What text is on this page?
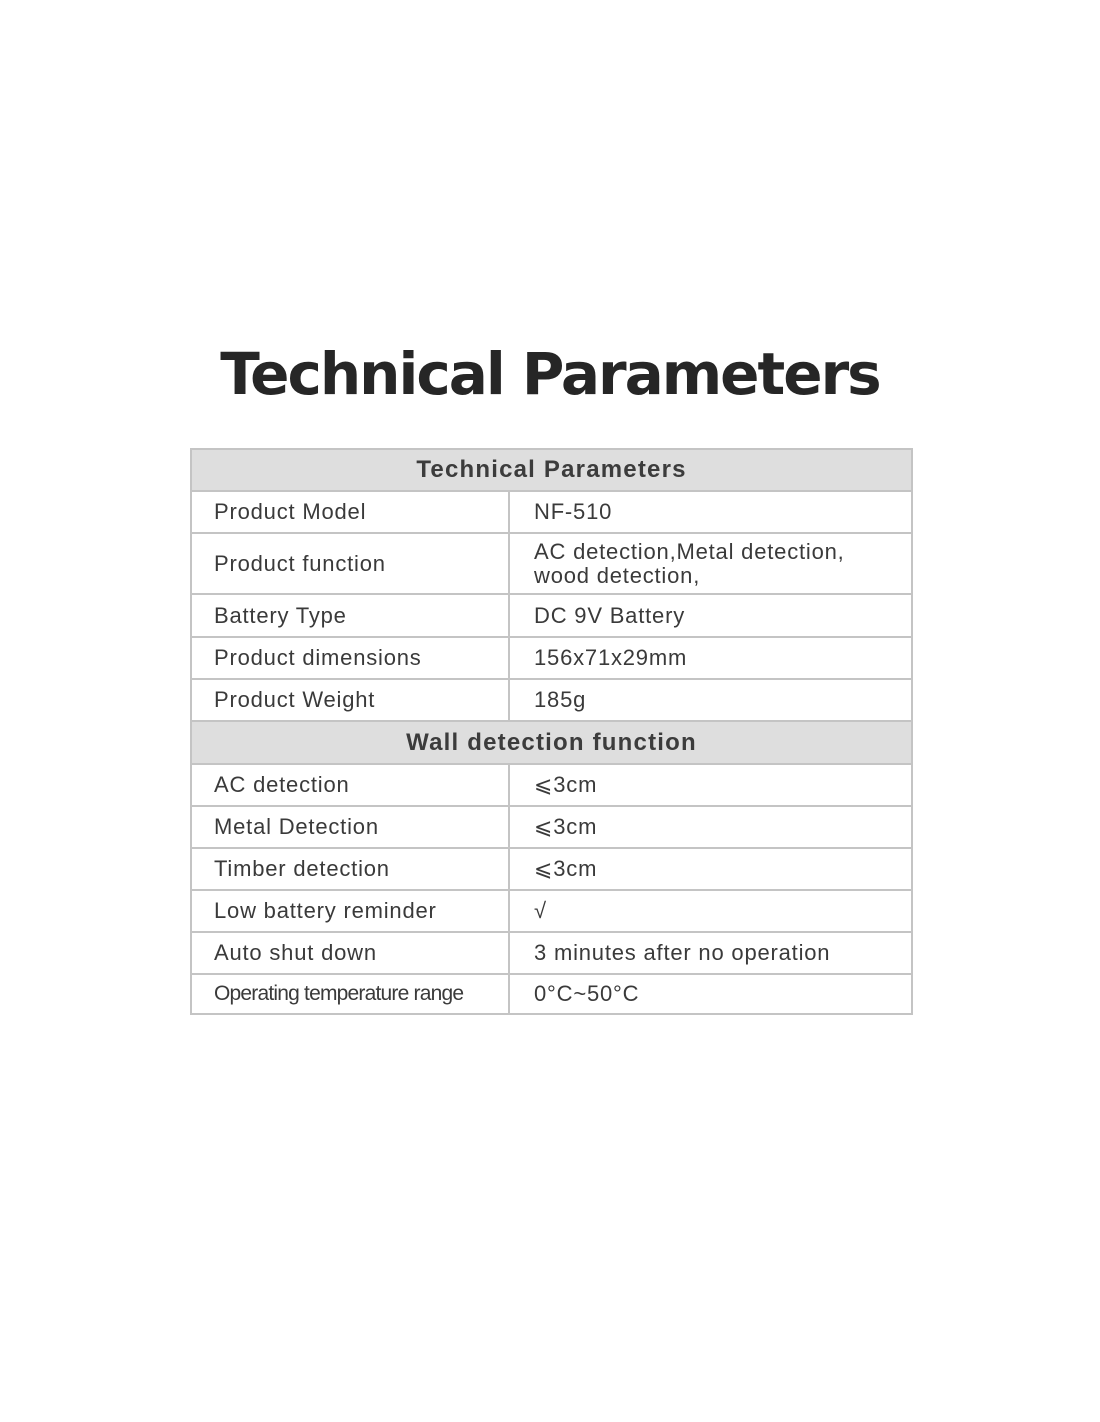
Technical Parameters
Technical Parameters	
Product Model	NF-510
Product function	AC detection,Metal detection,
wood detection,

Battery Type	DC 9V Battery
Product dimensions	156x71x29mm
Product Weight	185g
Wall detection function	
AC detection	⩽3cm
Metal Detection	⩽3cm
Timber detection	⩽3cm
Low battery reminder	√
Auto shut down	3 minutes after no operation
Operating temperature range	0°C~50°C
